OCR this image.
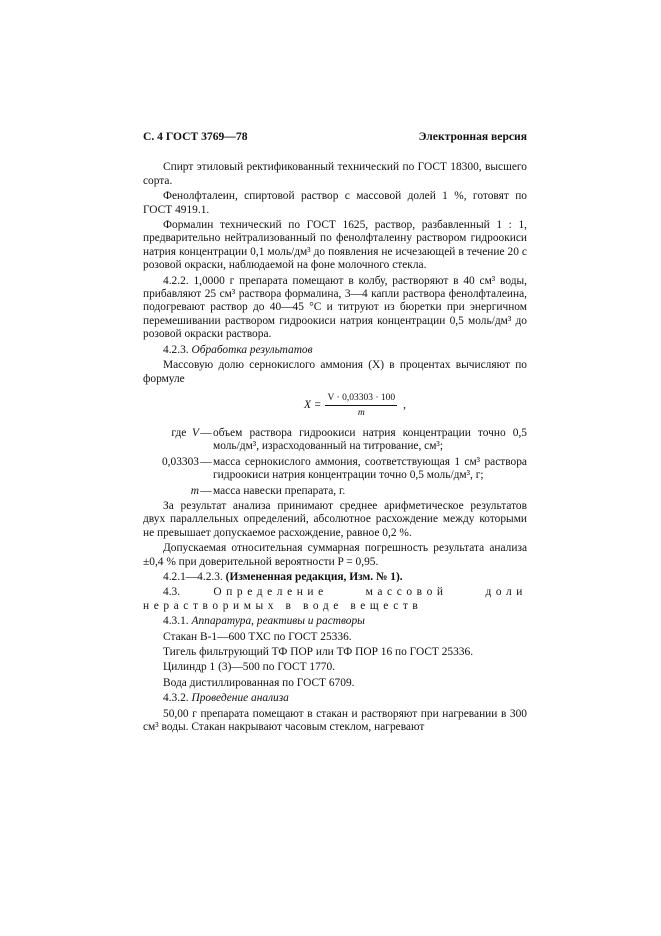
С. 4 ГОСТ 3769—78	Электронная версия

Спирт этиловый ректификованный технический по ГОСТ 18300, высшего сорта.

Фенолфталеин, спиртовой раствор с массовой долей 1 %, готовят по ГОСТ 4919.1.

Формалин технический по ГОСТ 1625, раствор, разбавленный 1 : 1, предварительно нейтрализованный по фенолфталеину раствором гидроокиси натрия концентрации 0,1 моль/дм³ до появления не исчезающей в течение 20 с розовой окраски, наблюдаемой на фоне молочного стекла.

4.2.2. 1,0000 г препарата помещают в колбу, растворяют в 40 см³ воды, прибавляют 25 см³ раствора формалина, 3—4 капли раствора фенолфталеина, подогревают раствор до 40—45 °С и титруют из бюретки при энергичном перемешивании раствором гидроокиси натрия концентрации 0,5 моль/дм³ до розовой окраски раствора.

4.2.3. Обработка результатов

Массовую долю сернокислого аммония (X) в процентах вычисляют по формуле

$X = \frac{V \cdot 0,03303 \cdot 100}{m}$ ,
где V — объем раствора гидроокиси натрия концентрации точно 0,5 моль/дм³, израсходованный на титрование, см³;
0,03303 — масса сернокислого аммония, соответствующая 1 см³ раствора гидроокиси натрия концентрации точно 0,5 моль/дм³, г;
m — масса навески препарата, г.

За результат анализа принимают среднее арифметическое результатов двух параллельных определений, абсолютное расхождение между которыми не превышает допускаемое расхождение, равное 0,2 %.

Допускаемая относительная суммарная погрешность результата анализа ±0,4 % при доверительной вероятности P = 0,95.

4.2.1—4.2.3. (Измененная редакция, Изм. № 1).

4.3.	Определение массовой доли нерастворимых в воде веществ

4.3.1. Аппаратура, реактивы и растворы

Стакан В-1—600 ТХС по ГОСТ 25336.

Тигель фильтрующий ТФ ПОР или ТФ ПОР 16 по ГОСТ 25336.

Цилиндр 1 (3)—500 по ГОСТ 1770.

Вода дистиллированная по ГОСТ 6709.

4.3.2. Проведение анализа

50,00 г препарата помещают в стакан и растворяют при нагревании в 300 см³ воды. Стакан накрывают часовым стеклом, нагревают
